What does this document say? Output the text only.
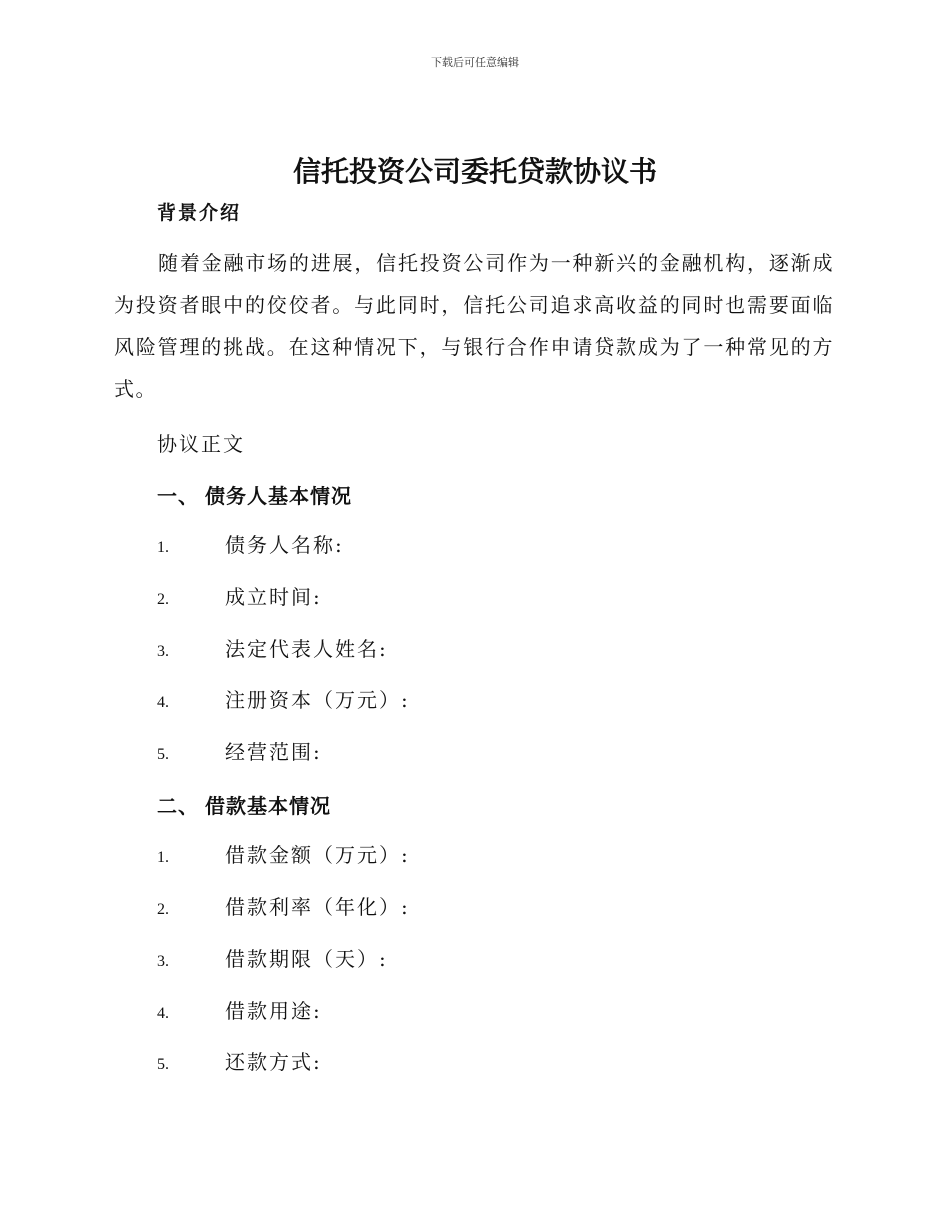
下载后可任意编辑
信托投资公司委托贷款协议书
背景介绍
随着金融市场的进展，信托投资公司作为一种新兴的金融机构，逐渐成为投资者眼中的佼佼者。与此同时，信托公司追求高收益的同时也需要面临风险管理的挑战。在这种情况下，与银行合作申请贷款成为了一种常见的方式。
协议正文
一、 债务人基本情况
1.	债务人名称:
2.	成立时间:
3.	法定代表人姓名:
4.	注册资本（万元）:
5.	经营范围:
二、 借款基本情况
1.	借款金额（万元）:
2.	借款利率（年化）:
3.	借款期限（天）:
4.	借款用途:
5.	还款方式:
